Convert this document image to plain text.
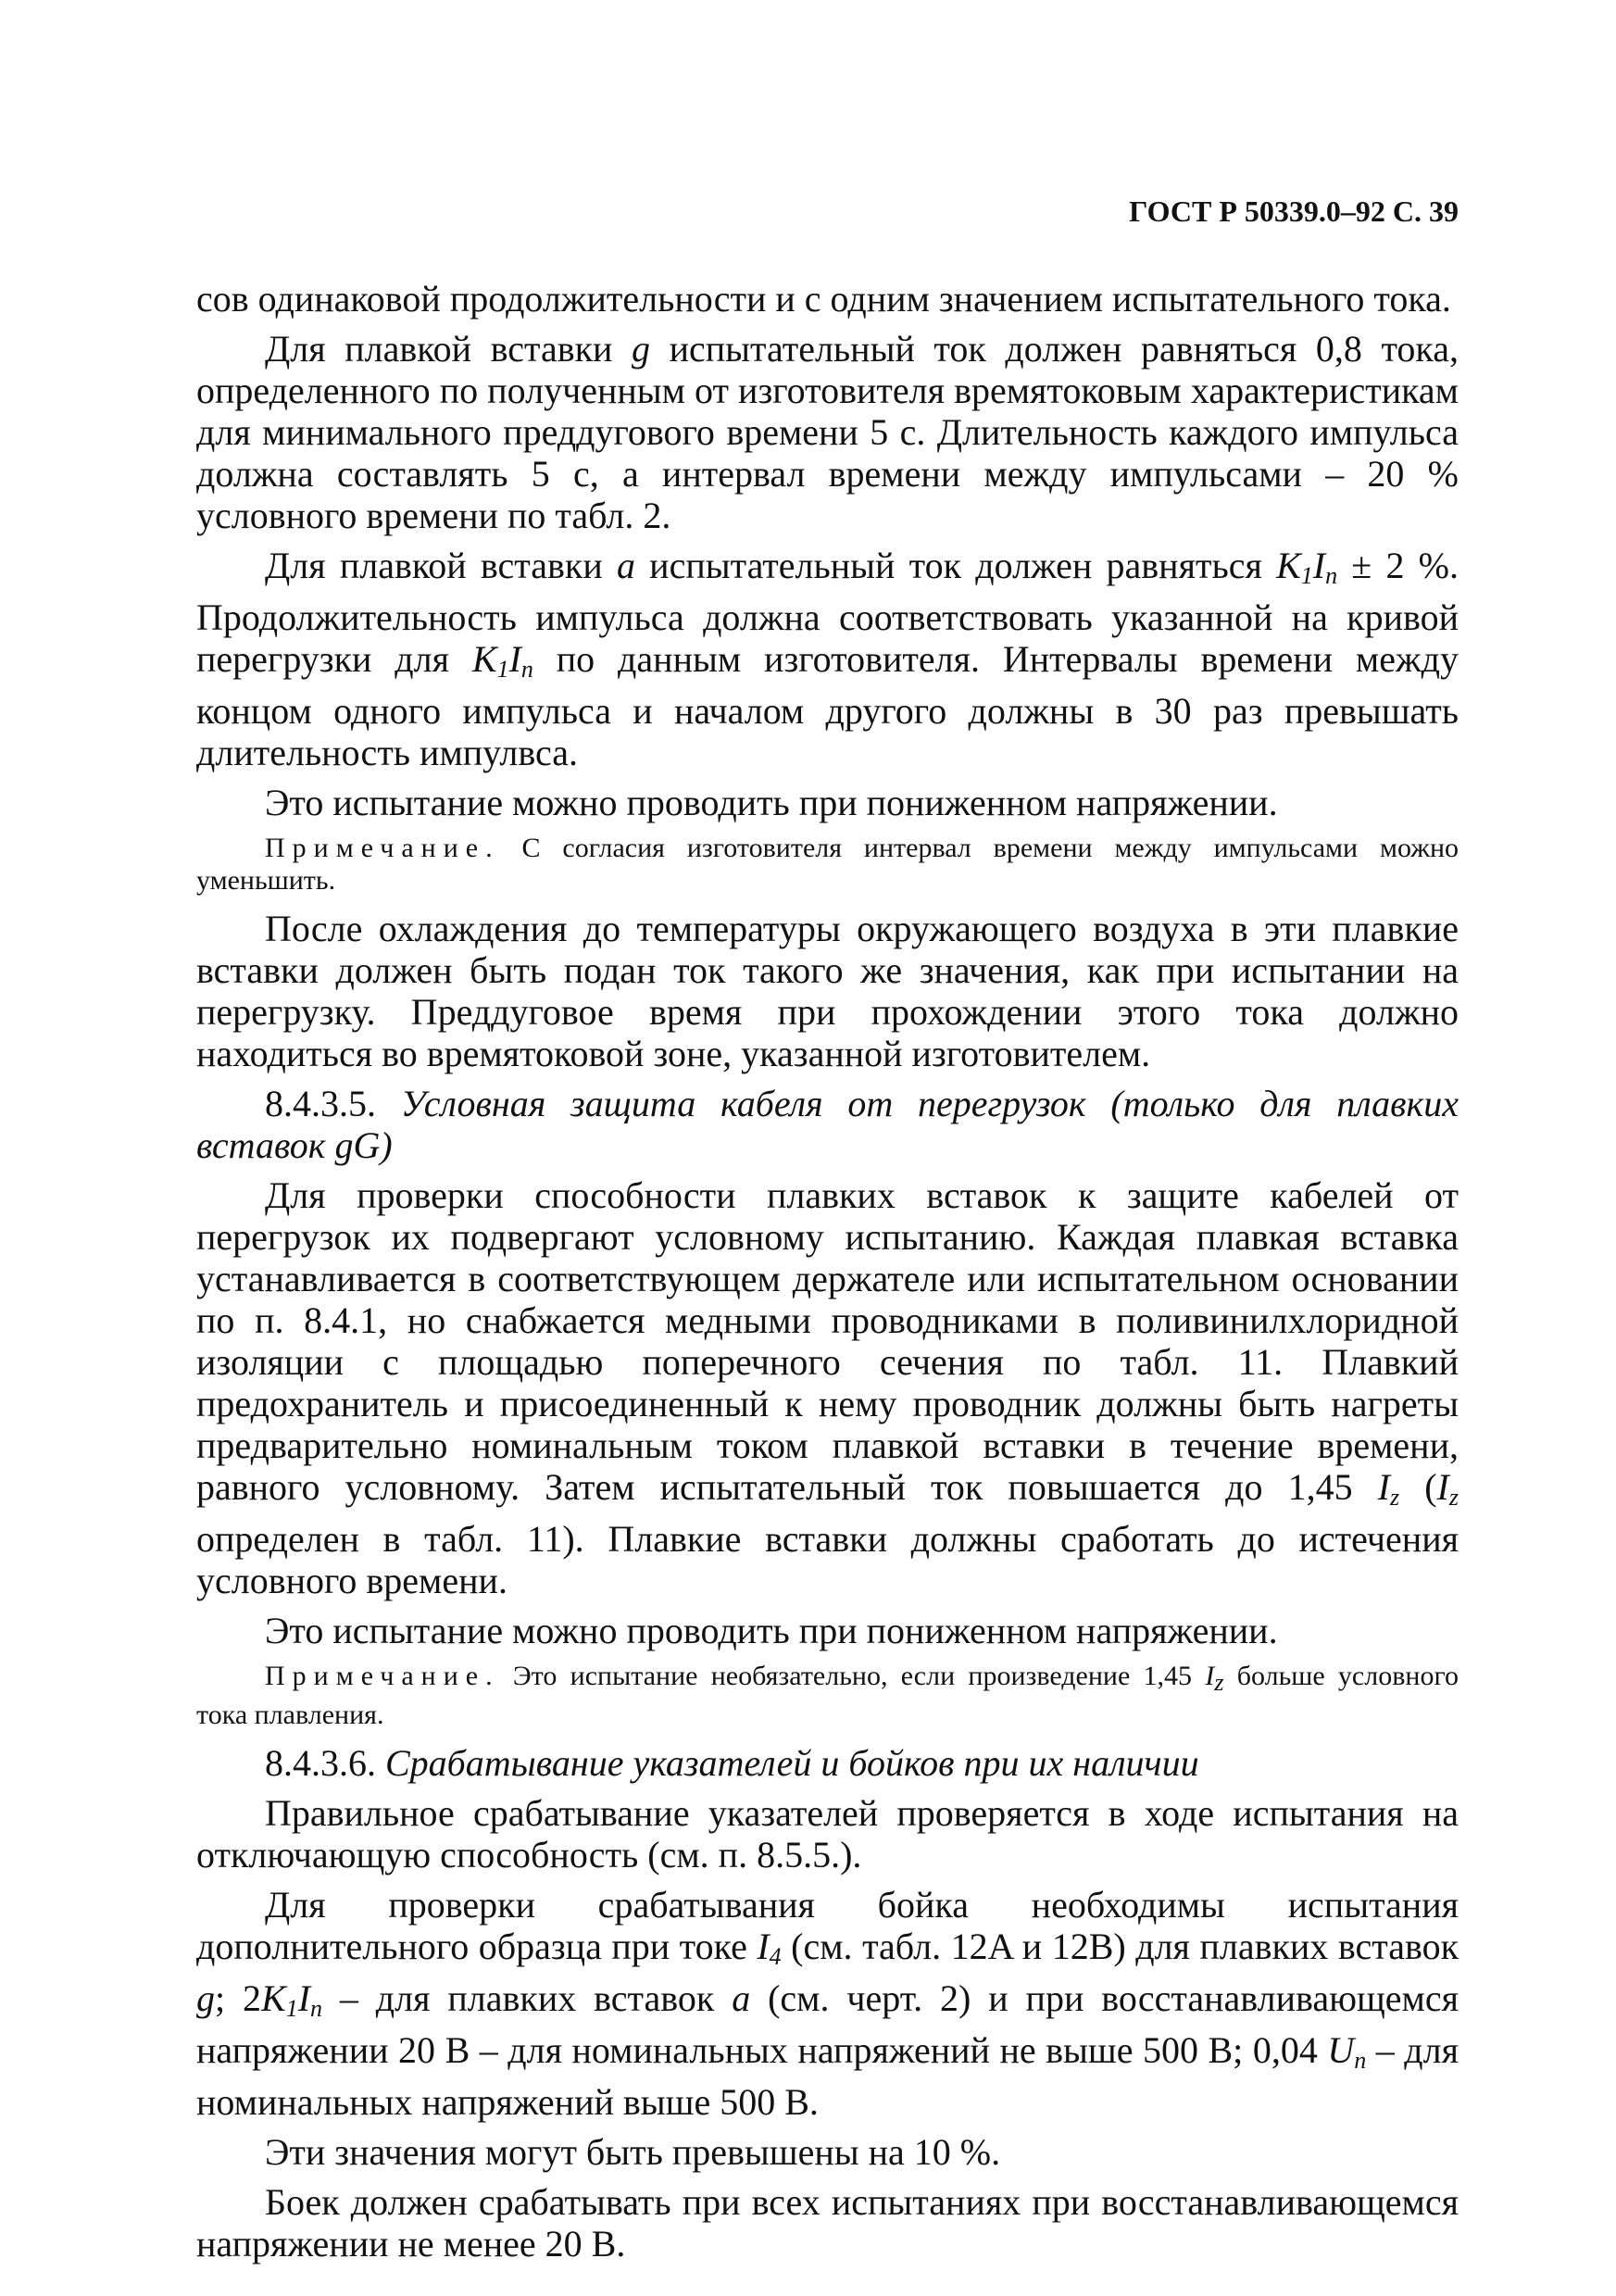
ГОСТ Р 50339.0–92 С. 39

сов одинаковой продолжительности и с одним значением испытательного тока.

Для плавкой вставки g испытательный ток должен равняться 0,8 тока, определенного по полученным от изготовителя времятоковым характеристикам для минимального преддугового времени 5 с. Длительность каждого импульса должна составлять 5 с, а интервал времени между импульсами – 20 % условного времени по табл. 2.

Для плавкой вставки a испытательный ток должен равняться $K_1I_n \pm 2$ %. Продолжительность импульса должна соответствовать указанной на кривой перегрузки для $K_1I_n$ по данным изготовителя. Интервалы времени между концом одного импульса и началом другого должны в 30 раз превышать длительность импулвса.

Это испытание можно проводить при пониженном напряжении.

Примечание. С согласия изготовителя интервал времени между импульсами можно уменьшить.

После охлаждения до температуры окружающего воздуха в эти плавкие вставки должен быть подан ток такого же значения, как при испытании на перегрузку. Преддуговое время при прохождении этого тока должно находиться во времятоковой зоне, указанной изготовителем.

8.4.3.5. Условная защита кабеля от перегрузок (только для плавких вставок gG)

Для проверки способности плавких вставок к защите кабелей от перегрузок их подвергают условному испытанию. Каждая плавкая вставка устанавливается в соответствующем держателе или испытательном основании по п. 8.4.1, но снабжается медными проводниками в поливинилхлоридной изоляции с площадью поперечного сечения по табл. 11. Плавкий предохранитель и присоединенный к нему проводник должны быть нагреты предварительно номинальным током плавкой вставки в течение времени, равного условному. Затем испытательный ток повышается до 1,45 $I_z$ ($I_z$ определен в табл. 11). Плавкие вставки должны сработать до истечения условного времени.

Это испытание можно проводить при пониженном напряжении.

Примечание. Это испытание необязательно, если произведение 1,45 Iz больше условного тока плавления.

8.4.3.6. Срабатывание указателей и бойков при их наличии

Правильное срабатывание указателей проверяется в ходе испытания на отключающую способность (см. п. 8.5.5.).

Для проверки срабатывания бойка необходимы испытания дополнительного образца при токе $I_4$ (см. табл. 12A и 12B) для плавких вставок g; $2K_1I_n$ – для плавких вставок a (см. черт. 2) и при восстанавливающемся напряжении 20 В – для номинальных напряжений не выше 500 В; 0,04 $U_n$ – для номинальных напряжений выше 500 В.

Эти значения могут быть превышены на 10 %.

Боек должен срабатывать при всех испытаниях при восстанавливающемся напряжении не менее 20 В.
